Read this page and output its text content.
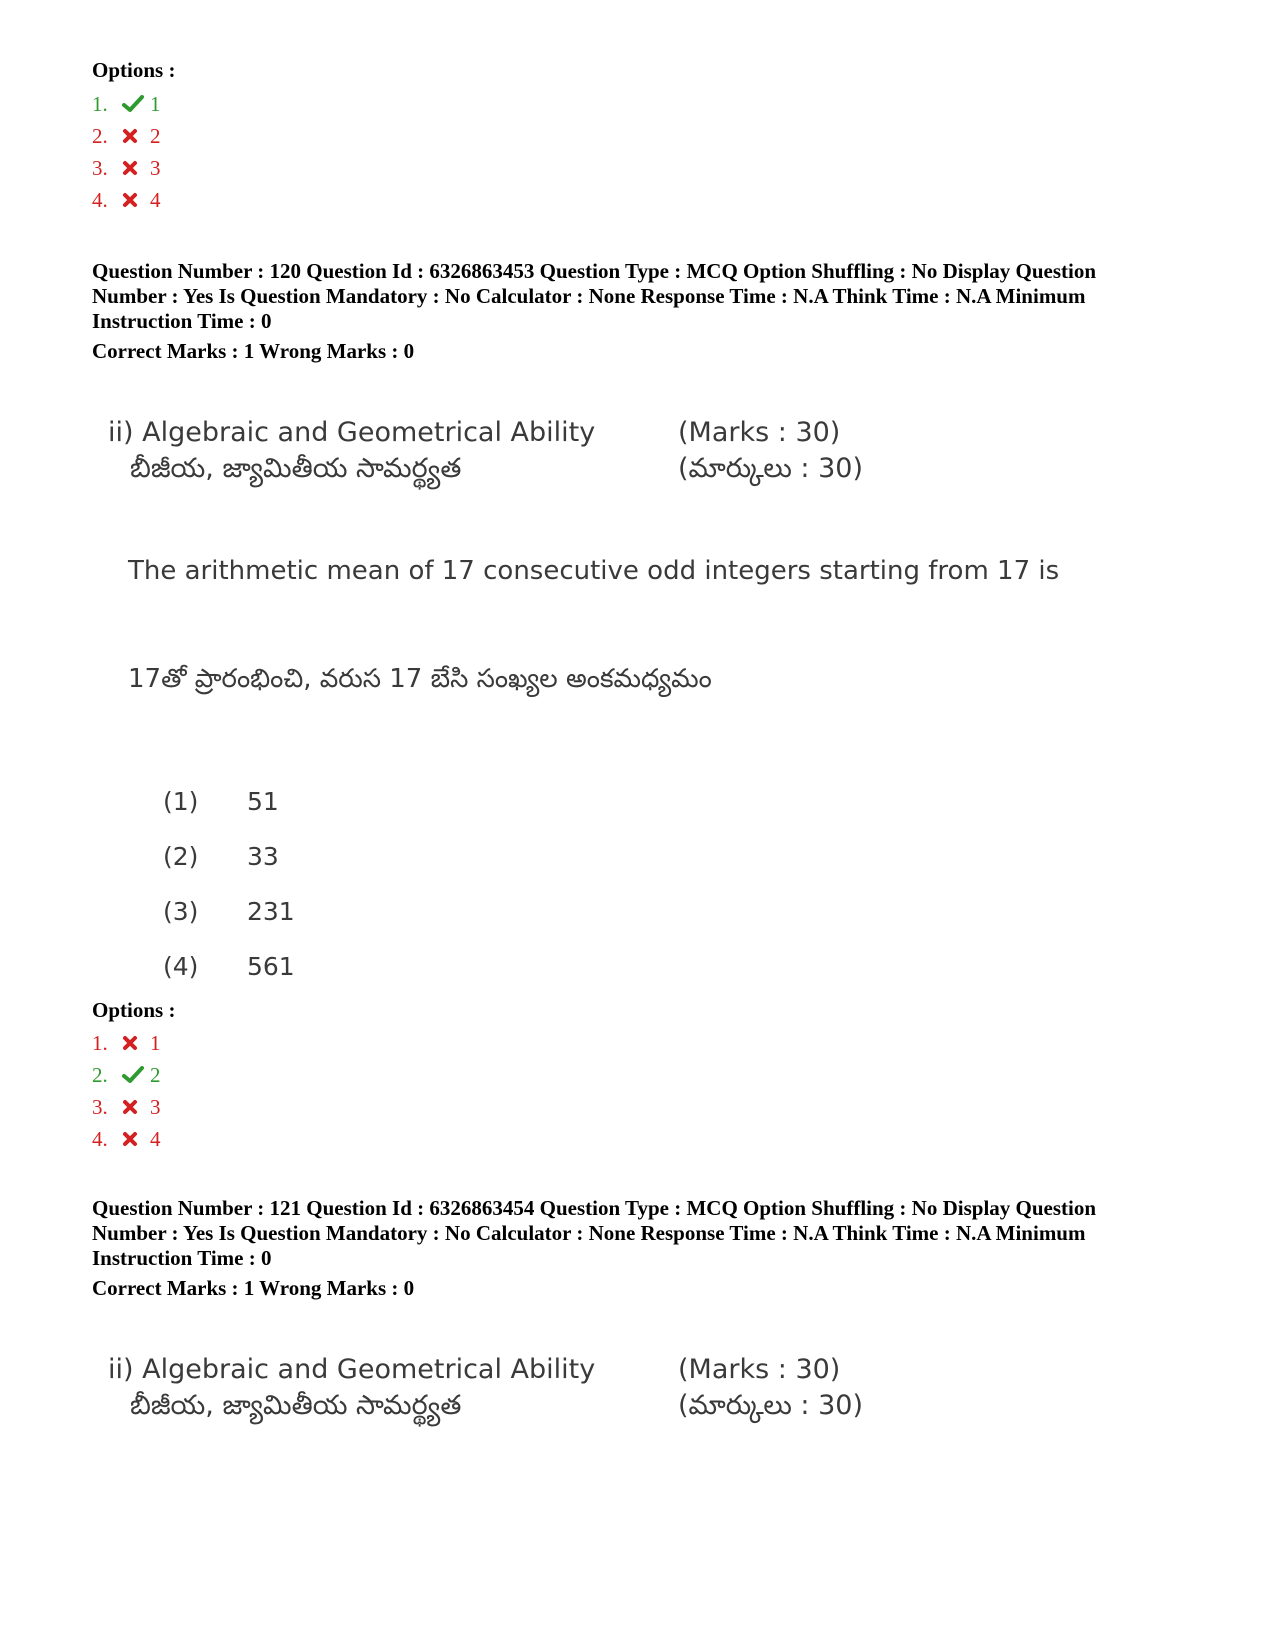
Options :
1.	1
2.	2
3.	3
4.	4
Question Number : 120 Question Id : 6326863453 Question Type : MCQ Option Shuffling : No Display Question
Number : Yes Is Question Mandatory : No Calculator : None Response Time : N.A Think Time : N.A Minimum
Instruction Time : 0
Correct Marks : 1 Wrong Marks : 0
ii) Algebraic and Geometrical Ability
బీజీయ, జ్యామితీయ సామర్థ్యత
(Marks : 30)
(మార్కులు : 30)
The arithmetic mean of 17 consecutive odd integers starting from 17 is
17తో ప్రారంభించి, వరుస 17 బేసి సంఖ్యల అంకమధ్యమం
(1)	51
(2)	33
(3)	231
(4)	561
Options :
1.	1
2.	2
3.	3
4.	4
Question Number : 121 Question Id : 6326863454 Question Type : MCQ Option Shuffling : No Display Question
Number : Yes Is Question Mandatory : No Calculator : None Response Time : N.A Think Time : N.A Minimum
Instruction Time : 0
Correct Marks : 1 Wrong Marks : 0
ii) Algebraic and Geometrical Ability
బీజీయ, జ్యామితీయ సామర్థ్యత
(Marks : 30)
(మార్కులు : 30)
